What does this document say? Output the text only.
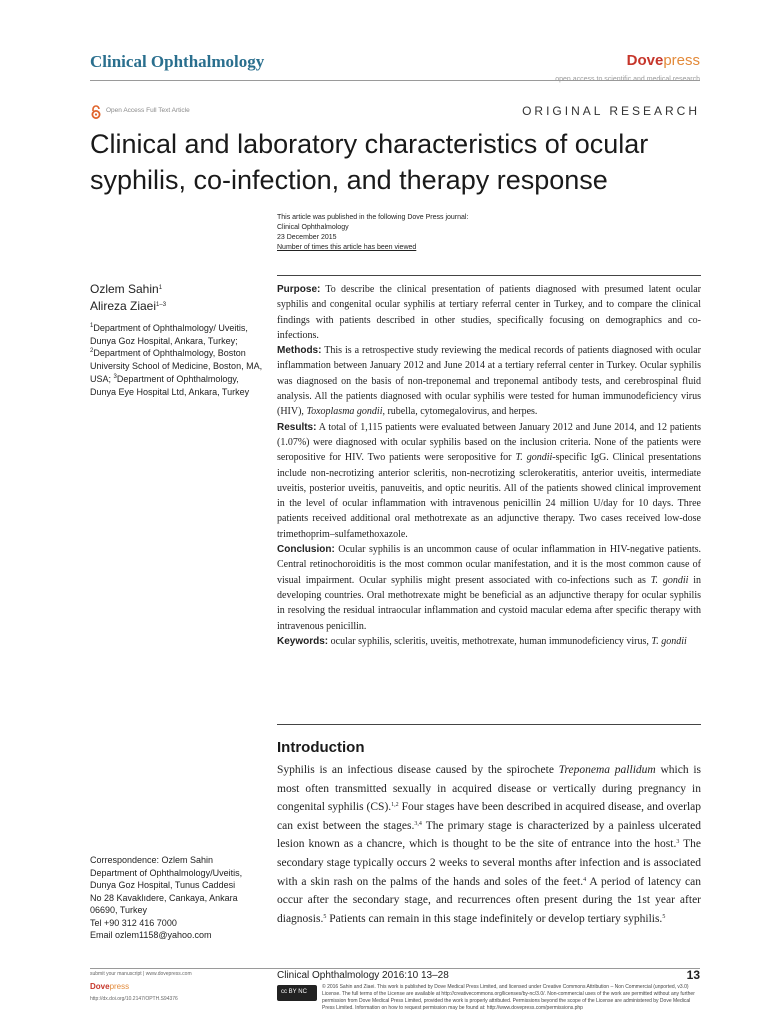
Clinical Ophthalmology	Dovepress
open access to scientific and medical research
Open Access Full Text Article	ORIGINAL RESEARCH
Clinical and laboratory characteristics of ocular syphilis, co-infection, and therapy response
This article was published in the following Dove Press journal:
Clinical Ophthalmology
23 December 2015
Number of times this article has been viewed
Ozlem Sahin$^1$
Alireza Ziaei$^{1-3}$
$^1$Department of Ophthalmology/ Uveitis, Dunya Goz Hospital, Ankara, Turkey; $^2$Department of Ophthalmology, Boston University School of Medicine, Boston, MA, USA; $^3$Department of Ophthalmology, Dunya Eye Hospital Ltd, Ankara, Turkey
Correspondence: Ozlem Sahin
Department of Ophthalmology/Uveitis,
Dunya Goz Hospital, Tunus Caddesi
No 28 Kavaklıdere, Cankaya, Ankara
06690, Turkey
Tel +90 312 416 7000
Email ozlem1158@yahoo.com

Purpose: To describe the clinical presentation of patients diagnosed with presumed latent ocular syphilis and congenital ocular syphilis at tertiary referral center in Turkey, and to compare the clinical findings with patients described in other studies, specifically focusing on demographics and co-infections.

Methods: This is a retrospective study reviewing the medical records of patients diagnosed with ocular inflammation between January 2012 and June 2014 at a tertiary referral center in Turkey. Ocular syphilis was diagnosed on the basis of non-treponemal and treponemal antibody tests, and cerebrospinal fluid analysis. All the patients diagnosed with ocular syphilis were tested for human immunodeficiency virus (HIV), Toxoplasma gondii, rubella, cytomegalovirus, and herpes.

Results: A total of 1,115 patients were evaluated between January 2012 and June 2014, and 12 patients (1.07%) were diagnosed with ocular syphilis based on the inclusion criteria. None of the patients were seropositive for HIV. Two patients were seropositive for T. gondii-specific IgG. Clinical presentations include non-necrotizing anterior scleritis, non-necrotizing sclerokeratitis, anterior uveitis, intermediate uveitis, posterior uveitis, panuveitis, and optic neuritis. All of the patients showed clinical improvement in the level of ocular inflammation with intravenous penicillin 24 million U/day for 10 days. Three patients received additional oral methotrexate as an adjunctive therapy. Two cases received low-dose trimethoprim–sulfamethoxazole.

Conclusion: Ocular syphilis is an uncommon cause of ocular inflammation in HIV-negative patients. Central retinochoroiditis is the most common ocular manifestation, and it is the most common cause of visual impairment. Ocular syphilis might present associated with co-infections such as T. gondii in developing countries. Oral methotrexate might be beneficial as an adjunctive therapy for ocular syphilis in resolving the residual intraocular inflammation and cystoid macular edema after specific therapy with intravenous penicillin.

Keywords: ocular syphilis, scleritis, uveitis, methotrexate, human immunodeficiency virus, T. gondii

Introduction
Syphilis is an infectious disease caused by the spirochete Treponema pallidum which is most often transmitted sexually in acquired disease or vertically during pregnancy in congenital syphilis (CS).$^{1,2}$ Four stages have been described in acquired disease, and overlap can exist between the stages.$^{3,4}$ The primary stage is characterized by a painless ulcerated lesion known as a chancre, which is thought to be the site of entrance into the host.$^3$ The secondary stage typically occurs 2 weeks to several months after infection and is associated with a skin rash on the palms of the hands and soles of the feet.$^4$ A period of latency can occur after the secondary stage, and recurrences often present during the 1st year after diagnosis.$^5$ Patients can remain in this stage indefinitely or develop tertiary syphilis.$^5$
submit your manuscript | www.dovepress.com
Dovepress
http://dx.doi.org/10.2147/OPTH.S94376
Clinical Ophthalmology 2016:10 13–28	13
cc BY NC
© 2016 Sahin and Ziaei. This work is published by Dove Medical Press Limited, and licensed under Creative Commons Attribution – Non Commercial (unported, v3.0) License. The full terms of the License are available at http://creativecommons.org/licenses/by-nc/3.0/. Non-commercial uses of the work are permitted without any further permission from Dove Medical Press Limited, provided the work is properly attributed. Permissions beyond the scope of the License are administered by Dove Medical Press Limited. Information on how to request permission may be found at: http://www.dovepress.com/permissions.php
